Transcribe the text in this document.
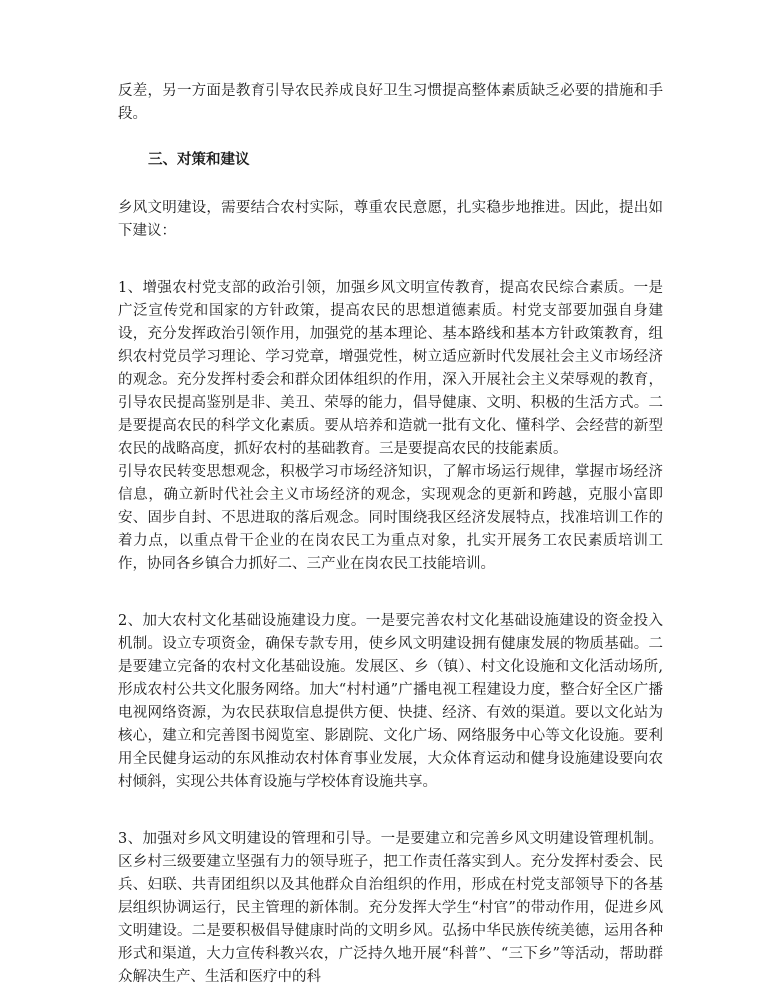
反差，另一方面是教育引导农民养成良好卫生习惯提高整体素质缺乏必要的措施和手段。

三、对策和建议

乡风文明建设，需要结合农村实际，尊重农民意愿，扎实稳步地推进。因此，提出如下建议：

1、增强农村党支部的政治引领，加强乡风文明宣传教育，提高农民综合素质。一是广泛宣传党和国家的方针政策，提高农民的思想道德素质。村党支部要加强自身建设，充分发挥政治引领作用，加强党的基本理论、基本路线和基本方针政策教育，组织农村党员学习理论、学习党章，增强党性，树立适应新时代发展社会主义市场经济的观念。充分发挥村委会和群众团体组织的作用，深入开展社会主义荣辱观的教育，引导农民提高鉴别是非、美丑、荣辱的能力，倡导健康、文明、积极的生活方式。二是要提高农民的科学文化素质。要从培养和造就一批有文化、懂科学、会经营的新型农民的战略高度，抓好农村的基础教育。三是要提高农民的技能素质。

引导农民转变思想观念，积极学习市场经济知识，了解市场运行规律，掌握市场经济信息，确立新时代社会主义市场经济的观念，实现观念的更新和跨越，克服小富即安、固步自封、不思进取的落后观念。同时围绕我区经济发展特点，找准培训工作的着力点，以重点骨干企业的在岗农民工为重点对象，扎实开展务工农民素质培训工作，协同各乡镇合力抓好二、三产业在岗农民工技能培训。

2、加大农村文化基础设施建设力度。一是要完善农村文化基础设施建设的资金投入机制。设立专项资金，确保专款专用，使乡风文明建设拥有健康发展的物质基础。二是要建立完备的农村文化基础设施。发展区、乡（镇）、村文化设施和文化活动场所,形成农村公共文化服务网络。加大“村村通”广播电视工程建设力度，整合好全区广播电视网络资源，为农民获取信息提供方便、快捷、经济、有效的渠道。要以文化站为核心，建立和完善图书阅览室、影剧院、文化广场、网络服务中心等文化设施。要利用全民健身运动的东风推动农村体育事业发展，大众体育运动和健身设施建设要向农村倾斜，实现公共体育设施与学校体育设施共享。

3、加强对乡风文明建设的管理和引导。一是要建立和完善乡风文明建设管理机制。区乡村三级要建立坚强有力的领导班子，把工作责任落实到人。充分发挥村委会、民兵、妇联、共青团组织以及其他群众自治组织的作用，形成在村党支部领导下的各基层组织协调运行，民主管理的新体制。充分发挥大学生“村官”的带动作用，促进乡风文明建设。二是要积极倡导健康时尚的文明乡风。弘扬中华民族传统美德，运用各种形式和渠道，大力宣传科教兴农，广泛持久地开展“科普”、“三下乡”等活动，帮助群众解决生产、生活和医疗中的科
